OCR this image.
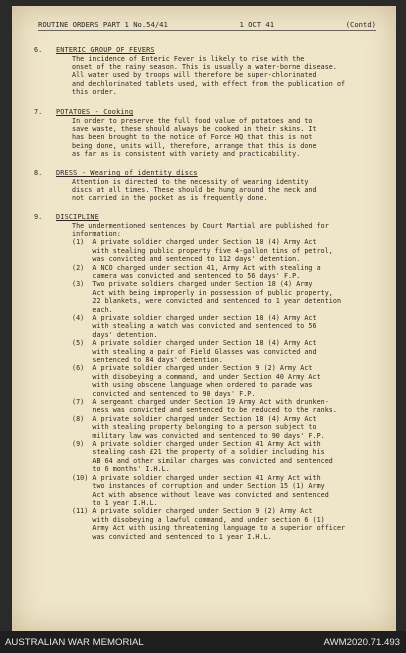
ROUTINE ORDERS PART 1 No.54/41	1 OCT 41	(Contd)
6. ENTERIC GROUP OF FEVERS
The incidence of Enteric Fever is likely to rise with the
onset of the rainy season. This is usually a water-borne disease.
All water used by troops will therefore be super-chlorinated
and dechlorinated tablets used, with effect from the publication of
this order.
7. POTATOES - Cooking
In order to preserve the full food value of potatoes and to
save waste, these should always be cooked in their skins. It
has been brought to the notice of Force HQ that this is not
being done, units will, therefore, arrange that this is done
as far as is consistent with variety and practicability.
8. DRESS - Wearing of identity discs
Attention is directed to the necessity of wearing identity
discs at all times. These should be hung around the neck and
not carried in the pocket as is frequently done.
9. DISCIPLINE
The undermentioned sentences by Court Martial are published for
information:
(1)  A private soldier charged under Section 18 (4) Army Act
with stealing public property five 4-gallon tins of petrol,
was convicted and sentenced to 112 days' detention.
(2)  A NCO charged under section 41, Army Act with stealing a
camera was convicted and sentenced to 56 days' F.P.
(3)  Two private soldiers charged under Section 18 (4) Army
Act with being improperly in possession of public property,
22 blankets, were convicted and sentenced to 1 year detention
each.
(4)  A private soldier charged under section 18 (4) Army Act
with stealing a watch was convicted and sentenced to 56
days' detention.
(5)  A private soldier charged under Section 18 (4) Army Act
with stealing a pair of Field Glasses was convicted and
sentenced to 84 days' detention.
(6)  A private soldier charged under Section 9 (2) Army Act
with disobeying a command, and under Section 40 Army Act
with using obscene language when ordered to parade was
convicted and sentenced to 90 days' F.P.
(7)  A sergeant charged under Section 19 Army Act with drunken-
ness was convicted and sentenced to be reduced to the ranks.
(8)  A private soldier charged under Section 18 (4) Army Act
with stealing property belonging to a person subject to
military law was convicted and sentenced to 90 days' F.P.
(9)  A private soldier charged under Section 41 Army Act with
stealing cash £21 the property of a soldier including his
AB 64 and other similar charges was convicted and sentenced
to 6 months' I.H.L.
(10) A private soldier charged under section 41 Army Act with
two instances of corruption and under Section 15 (1) Army
Act with absence without leave was convicted and sentenced
to 1 year I.H.L.
(11) A private soldier charged under Section 9 (2) Army Act
with disobeying a lawful command, and under section 6 (1)
Army Act with using threatening language to a superior officer
was convicted and sentenced to 1 year I.H.L.
AUSTRALIAN WAR MEMORIAL	AWM2020.71.493
